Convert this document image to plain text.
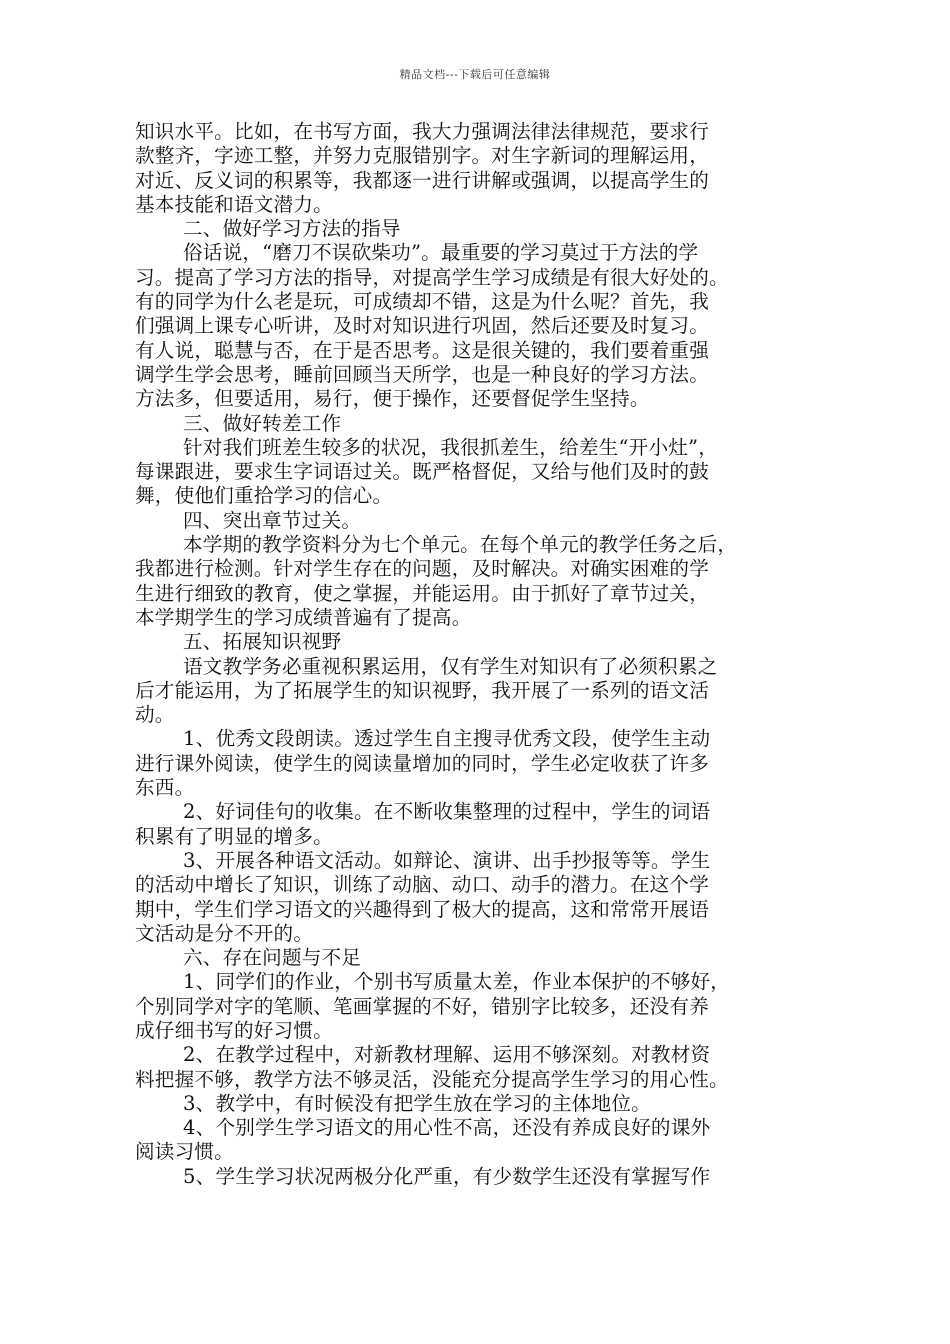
精品文档---下载后可任意编辑
知识水平。比如，在书写方面，我大力强调法律法律规范，要求行
款整齐，字迹工整，并努力克服错别字。对生字新词的理解运用，
对近、反义词的积累等，我都逐一进行讲解或强调，以提高学生的
基本技能和语文潜力。
二、做好学习方法的指导
俗话说，“磨刀不误砍柴功”。最重要的学习莫过于方法的学
习。提高了学习方法的指导，对提高学生学习成绩是有很大好处的。
有的同学为什么老是玩，可成绩却不错，这是为什么呢？首先，我
们强调上课专心听讲，及时对知识进行巩固，然后还要及时复习。
有人说，聪慧与否，在于是否思考。这是很关键的，我们要着重强
调学生学会思考，睡前回顾当天所学，也是一种良好的学习方法。
方法多，但要适用，易行，便于操作，还要督促学生坚持。
三、做好转差工作
针对我们班差生较多的状况，我很抓差生，给差生“开小灶”，
每课跟进，要求生字词语过关。既严格督促，又给与他们及时的鼓
舞，使他们重拾学习的信心。
四、突出章节过关。
本学期的教学资料分为七个单元。在每个单元的教学任务之后，
我都进行检测。针对学生存在的问题，及时解决。对确实困难的学
生进行细致的教育，使之掌握，并能运用。由于抓好了章节过关，
本学期学生的学习成绩普遍有了提高。
五、拓展知识视野
语文教学务必重视积累运用，仅有学生对知识有了必须积累之
后才能运用，为了拓展学生的知识视野，我开展了一系列的语文活
动。
1、优秀文段朗读。透过学生自主搜寻优秀文段，使学生主动
进行课外阅读，使学生的阅读量增加的同时，学生必定收获了许多
东西。
2、好词佳句的收集。在不断收集整理的过程中，学生的词语
积累有了明显的增多。
3、开展各种语文活动。如辩论、演讲、出手抄报等等。学生
的活动中增长了知识，训练了动脑、动口、动手的潜力。在这个学
期中，学生们学习语文的兴趣得到了极大的提高，这和常常开展语
文活动是分不开的。
六、存在问题与不足
1、同学们的作业，个别书写质量太差，作业本保护的不够好，
个别同学对字的笔顺、笔画掌握的不好，错别字比较多，还没有养
成仔细书写的好习惯。
2、在教学过程中，对新教材理解、运用不够深刻。对教材资
料把握不够，教学方法不够灵活，没能充分提高学生学习的用心性。
3、教学中，有时候没有把学生放在学习的主体地位。
4、个别学生学习语文的用心性不高，还没有养成良好的课外
阅读习惯。
5、学生学习状况两极分化严重，有少数学生还没有掌握写作
